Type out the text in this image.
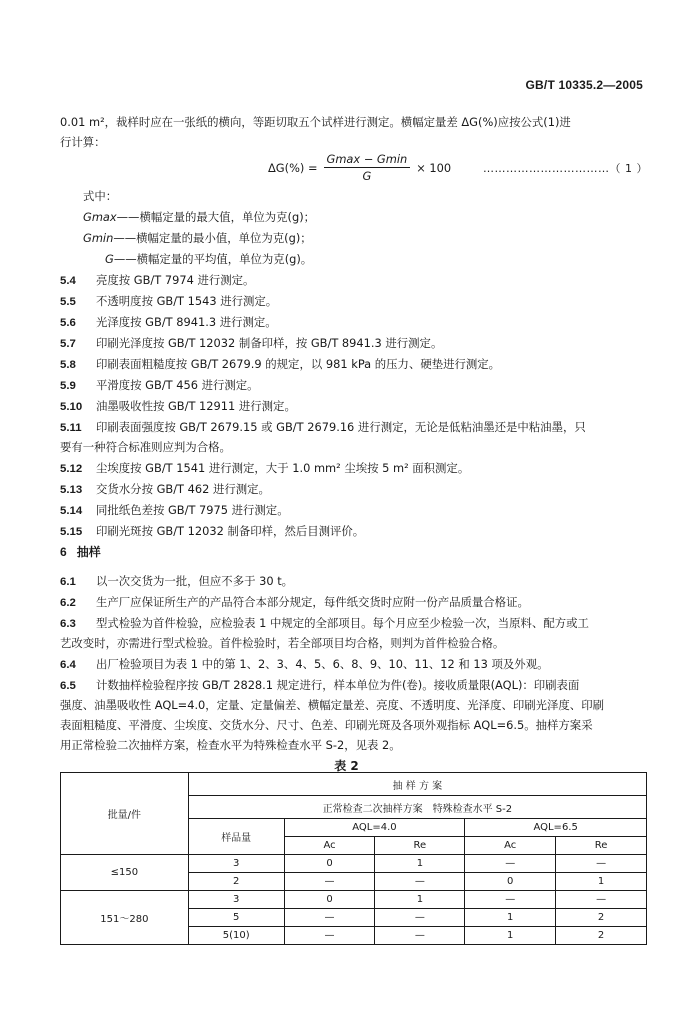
GB/T 10335.2—2005
0.01 m²，裁样时应在一张纸的横向，等距切取五个试样进行测定。横幅定量差 ΔG(%)应按公式(1)进
行计算：
$\Delta G(\%) = \frac{Gmax - Gmin}{G} \times 100$	……………………………（ 1 ）
式中：
Gmax——横幅定量的最大值，单位为克(g)；
Gmin——横幅定量的最小值，单位为克(g)；
G——横幅定量的平均值，单位为克(g)。
5.4 亮度按 GB/T 7974 进行测定。
5.5 不透明度按 GB/T 1543 进行测定。
5.6 光泽度按 GB/T 8941.3 进行测定。
5.7 印刷光泽度按 GB/T 12032 制备印样，按 GB/T 8941.3 进行测定。
5.8 印刷表面粗糙度按 GB/T 2679.9 的规定，以 981 kPa 的压力、硬垫进行测定。
5.9 平滑度按 GB/T 456 进行测定。
5.10 油墨吸收性按 GB/T 12911 进行测定。
5.11 印刷表面强度按 GB/T 2679.15 或 GB/T 2679.16 进行测定，无论是低粘油墨还是中粘油墨，只
要有一种符合标准则应判为合格。
5.12 尘埃度按 GB/T 1541 进行测定，大于 1.0 mm² 尘埃按 5 m² 面积测定。
5.13 交货水分按 GB/T 462 进行测定。
5.14 同批纸色差按 GB/T 7975 进行测定。
5.15 印刷光斑按 GB/T 12032 制备印样，然后目测评价。
6 抽样
6.1 以一次交货为一批，但应不多于 30 t。
6.2 生产厂应保证所生产的产品符合本部分规定，每件纸交货时应附一份产品质量合格证。
6.3 型式检验为首件检验，应检验表 1 中规定的全部项目。每个月应至少检验一次，当原料、配方或工
艺改变时，亦需进行型式检验。首件检验时，若全部项目均合格，则判为首件检验合格。
6.4 出厂检验项目为表 1 中的第 1、2、3、4、5、6、8、9、10、11、12 和 13 项及外观。
6.5 计数抽样检验程序按 GB/T 2828.1 规定进行，样本单位为件(卷)。接收质量限(AQL)：印刷表面
强度、油墨吸收性 AQL=4.0，定量、定量偏差、横幅定量差、亮度、不透明度、光泽度、印刷光泽度、印刷
表面粗糙度、平滑度、尘埃度、交货水分、尺寸、色差、印刷光斑及各项外观指标 AQL=6.5。抽样方案采
用正常检验二次抽样方案，检查水平为特殊检查水平 S-2，见表 2。
表 2
批量/件	抽 样 方 案				
	正常检查二次抽样方案　特殊检查水平 S-2				
	样品量	AQL=4.0		AQL=6.5	
		Ac	Re	Ac	Re
≤150	3	0	1	—	—
	2	—	—	0	1
151～280	3	0	1	—	—
	5	—	—	1	2
	5(10)	—	—	1	2
